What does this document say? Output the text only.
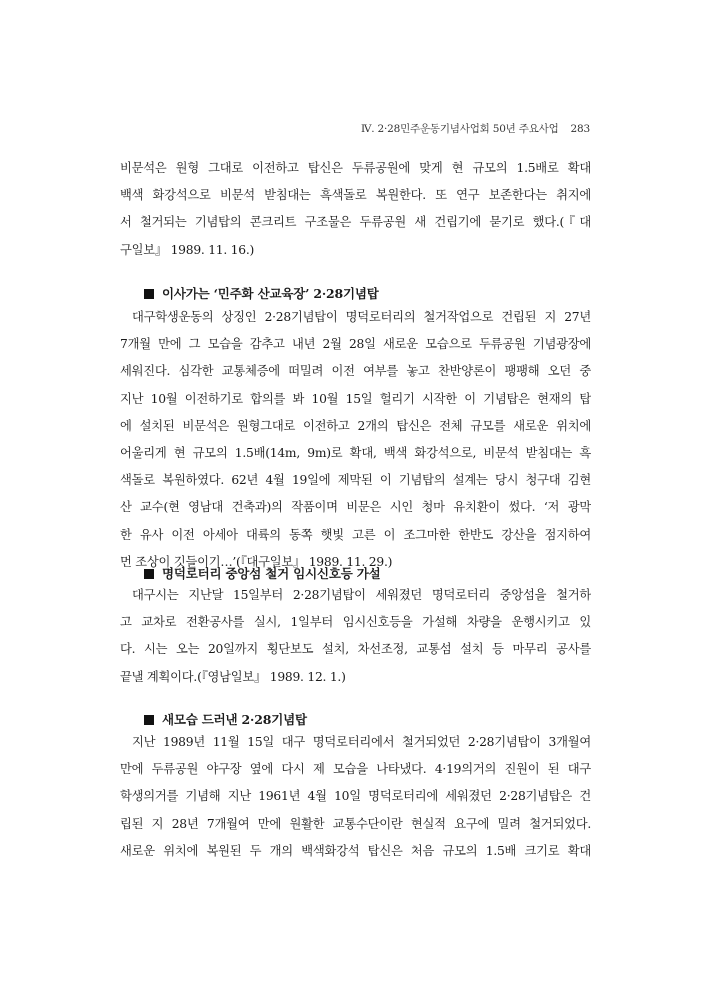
Ⅳ. 2·28민주운동기념사업회 50년 주요사업 283
비문석은 원형 그대로 이전하고 탑신은 두류공원에 맞게 현 규모의 1.5배로 확대
백색 화강석으로 비문석 받침대는 흑색돌로 복원한다. 또 연구 보존한다는 취지에
서 철거되는 기념탑의 콘크리트 구조물은 두류공원 새 건립기에 묻기로 했다.(『대
구일보』 1989. 11. 16.)
이사가는 ‘민주화 산교육장’ 2·28기념탑
대구학생운동의 상징인 2·28기념탑이 명덕로터리의 철거작업으로 건립된 지 27년
7개월 만에 그 모습을 감추고 내년 2월 28일 새로운 모습으로 두류공원 기념광장에
세워진다. 심각한 교통체증에 떠밀려 이전 여부를 놓고 찬반양론이 팽팽해 오던 중
지난 10월 이전하기로 합의를 봐 10월 15일 헐리기 시작한 이 기념탑은 현재의 탑
에 설치된 비문석은 원형그대로 이전하고 2개의 탑신은 전체 규모를 새로운 위치에
어울리게 현 규모의 1.5배(14m, 9m)로 확대, 백색 화강석으로, 비문석 받침대는 흑
색돌로 복원하였다. 62년 4월 19일에 제막된 이 기념탑의 설계는 당시 청구대 김현
산 교수(현 영남대 건축과)의 작품이며 비문은 시인 청마 유치환이 썼다. ‘저 광막
한 유사 이전 아세아 대륙의 동쪽 햇빛 고른 이 조그마한 한반도 강산을 점지하여
먼 조상이 깃들이기…’(『대구일보』 1989. 11. 29.)
명덕로터리 중앙섬 철거 임시신호등 가설
대구시는 지난달 15일부터 2·28기념탑이 세워졌던 명덕로터리 중앙섬을 철거하
고 교차로 전환공사를 실시, 1일부터 임시신호등을 가설해 차량을 운행시키고 있
다. 시는 오는 20일까지 횡단보도 설치, 차선조정, 교통섬 설치 등 마무리 공사를
끝낼 계획이다.(『영남일보』 1989. 12. 1.)
새모습 드러낸 2·28기념탑
지난 1989년 11월 15일 대구 명덕로터리에서 철거되었던 2·28기념탑이 3개월여
만에 두류공원 야구장 옆에 다시 제 모습을 나타냈다. 4·19의거의 진원이 된 대구
학생의거를 기념해 지난 1961년 4월 10일 명덕로터리에 세워졌던 2·28기념탑은 건
립된 지 28년 7개월여 만에 원활한 교통수단이란 현실적 요구에 밀려 철거되었다.
새로운 위치에 복원된 두 개의 백색화강석 탑신은 처음 규모의 1.5배 크기로 확대
